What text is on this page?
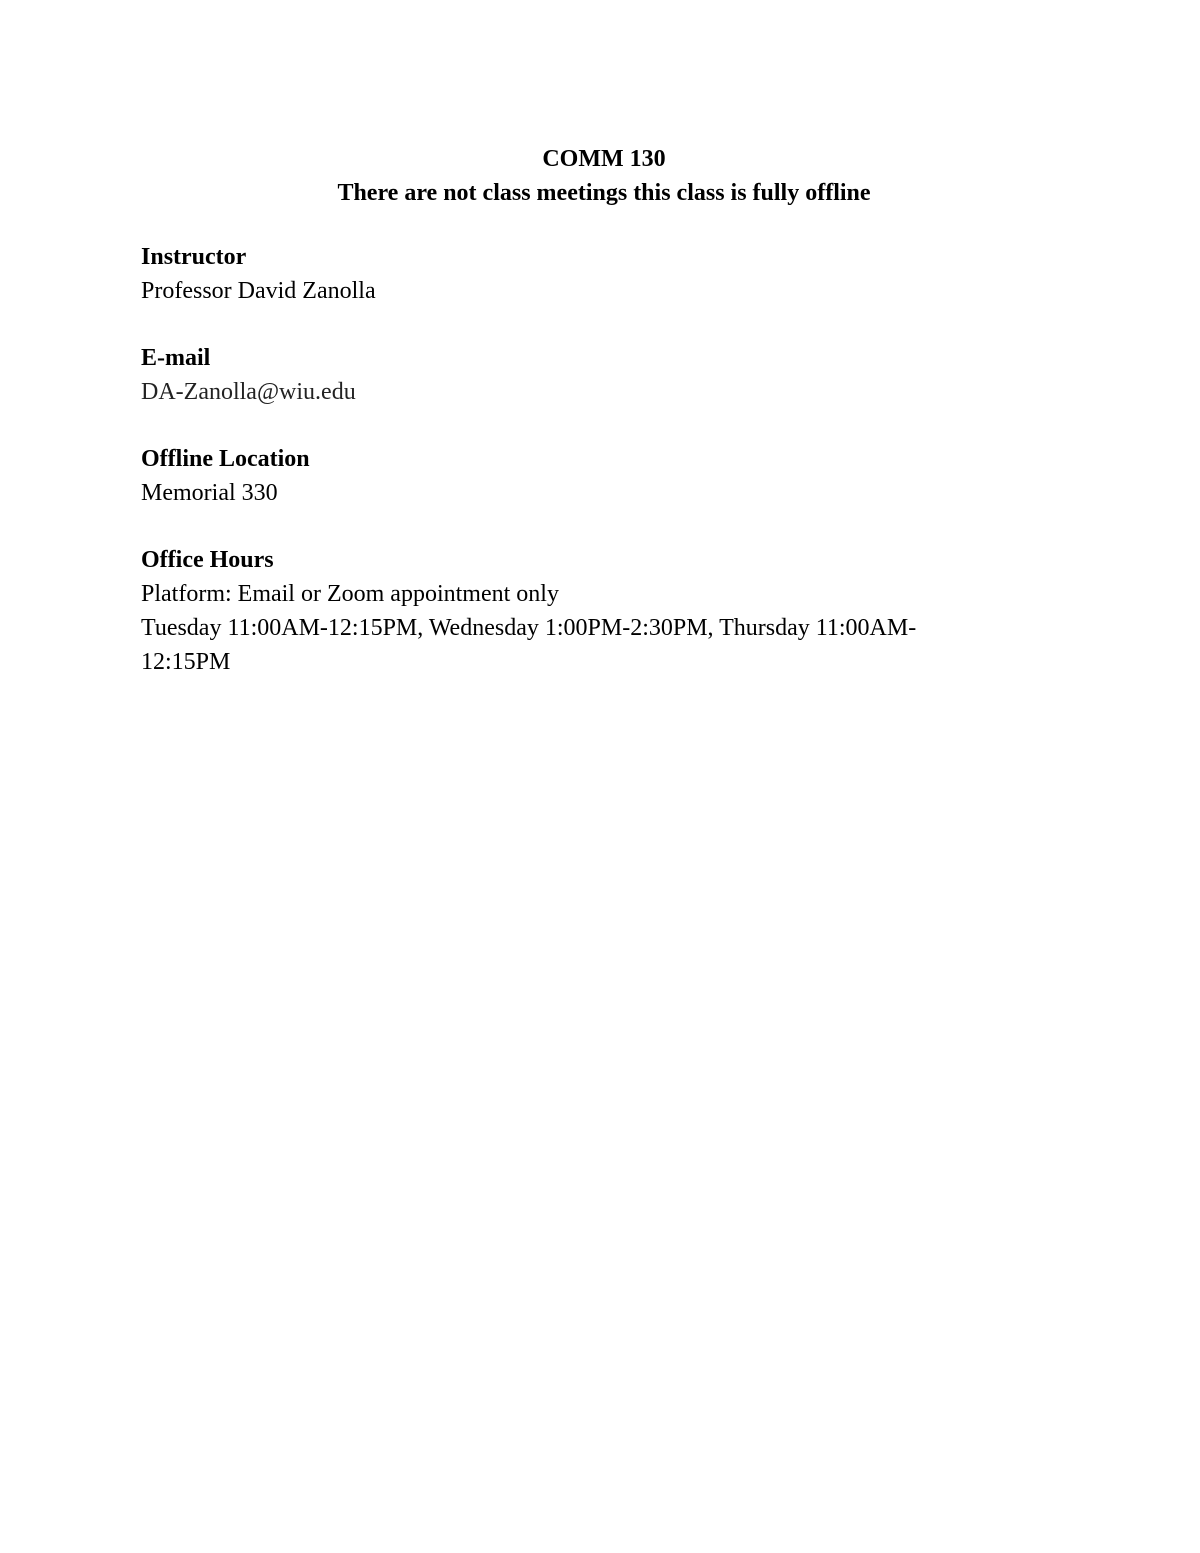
COMM 130
There are not class meetings this class is fully offline
Instructor
Professor David Zanolla
E-mail
DA-Zanolla@wiu.edu
Offline Location
Memorial 330
Office Hours
Platform: Email or Zoom appointment only
Tuesday 11:00AM-12:15PM, Wednesday 1:00PM-2:30PM, Thursday 11:00AM-
12:15PM
